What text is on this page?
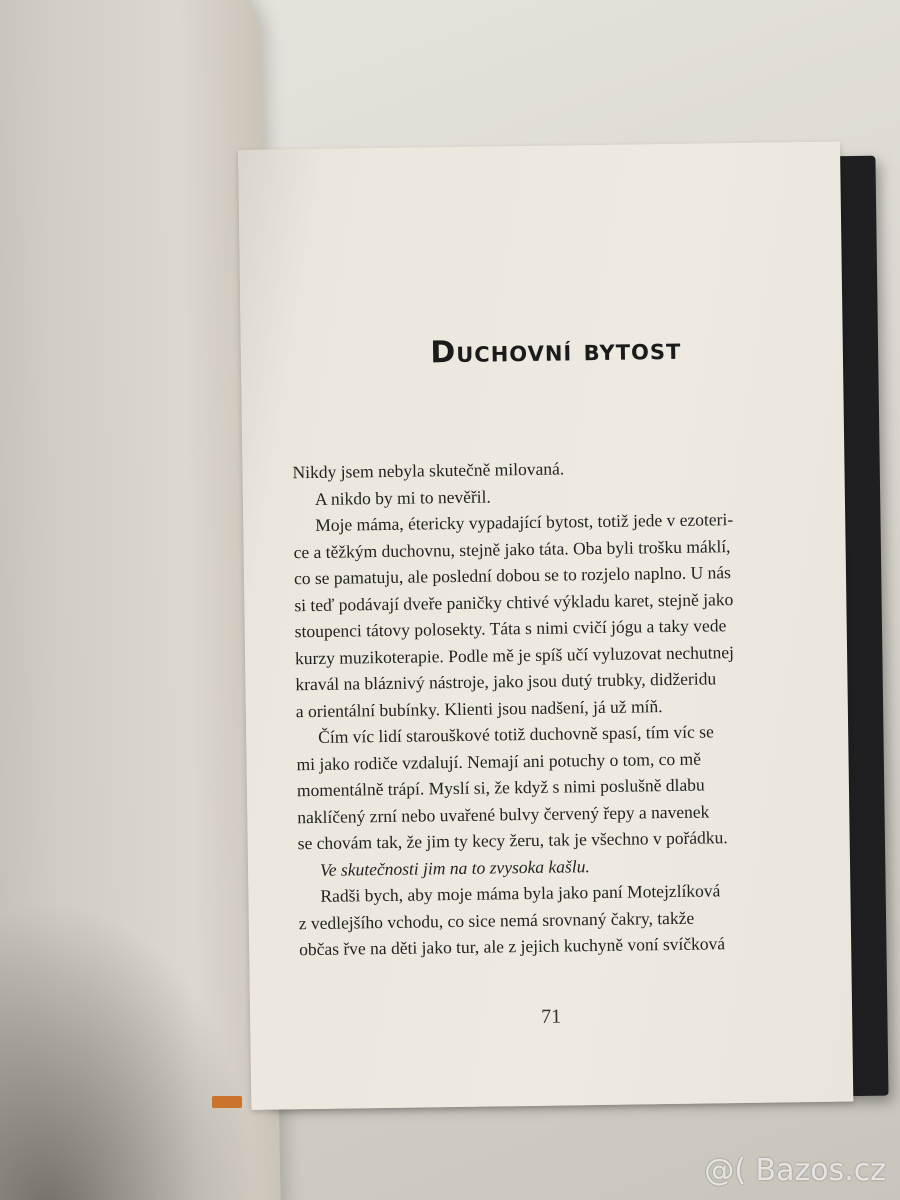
Duchovní bytost
Nikdy jsem nebyla skutečně milovaná.
A nikdo by mi to nevěřil.
Moje máma, étericky vypadající bytost, totiž jede v ezoteri-
ce a těžkým duchovnu, stejně jako táta. Oba byli trošku máklí,
co se pamatuju, ale poslední dobou se to rozjelo naplno. U nás
si teď podávají dveře paničky chtivé výkladu karet, stejně jako
stoupenci tátovy polosekty. Táta s nimi cvičí jógu a taky vede
kurzy muzikoterapie. Podle mě je spíš učí vyluzovat nechutnej
kravál na bláznivý nástroje, jako jsou dutý trubky, didžeridu
a orientální bubínky. Klienti jsou nadšení, já už míň.
Čím víc lidí starouškové totiž duchovně spasí, tím víc se
mi jako rodiče vzdalují. Nemají ani potuchy o tom, co mě
momentálně trápí. Myslí si, že když s nimi poslušně dlabu
naklíčený zrní nebo uvařené bulvy červený řepy a navenek
se chovám tak, že jim ty kecy žeru, tak je všechno v pořádku.
Ve skutečnosti jim na to zvysoka kašlu.
Radši bych, aby moje máma byla jako paní Motejzlíková
z vedlejšího vchodu, co sice nemá srovnaný čakry, takže
občas řve na děti jako tur, ale z jejich kuchyně voní svíčková
71
@( Bazos.cz
